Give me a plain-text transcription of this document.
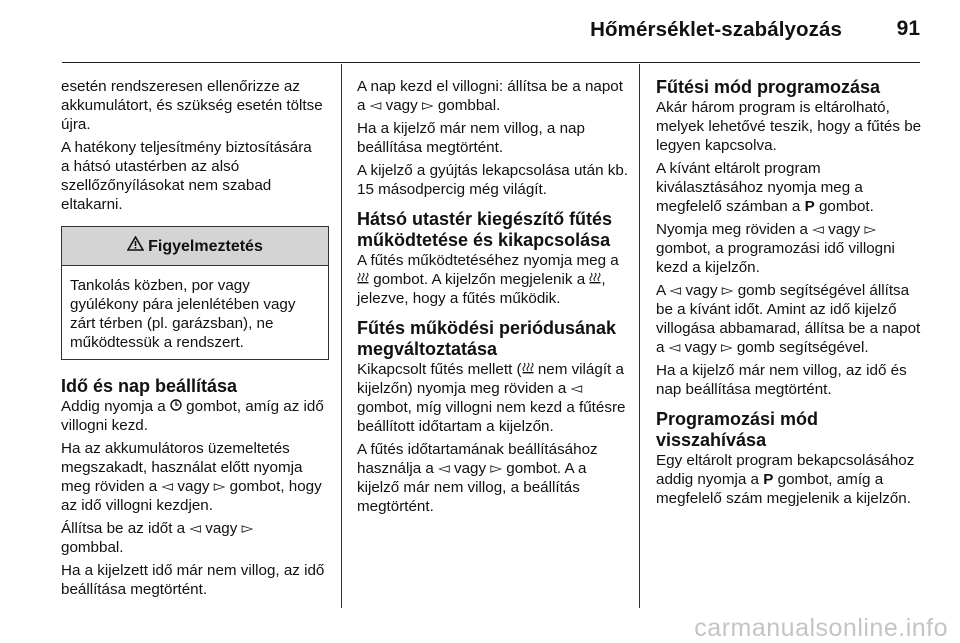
Hőmérséklet-szabályozás	91

esetén rendszeresen ellenőrizze az akkumulátort, és szükség esetén töltse újra.

A hatékony teljesítmény biztosítására
a hátsó utastérben az alsó szellőzőnyílásokat nem szabad eltakarni.

Figyelmeztetés

Tankolás közben, por vagy gyúlékony pára jelenlétében vagy zárt térben (pl. garázsban), ne működtessük a rendszert.

Idő és nap beállítása

Addig nyomja a gombot, amíg az idő villogni kezd.

Ha az akkumulátoros üzemeltetés megszakadt, használat előtt nyomja meg röviden a ◅ vagy ▻ gombot, hogy az idő villogni kezdjen.

Állítsa be az időt a ◅ vagy ▻
gombbal.

Ha a kijelzett idő már nem villog, az idő beállítása megtörtént.

A nap kezd el villogni: állítsa be a napot a ◅ vagy ▻ gombbal.

Ha a kijelző már nem villog, a nap beállítása megtörtént.

A kijelző a gyújtás lekapcsolása után kb. 15 másodpercig még világít.

Hátsó utastér kiegészítő fűtés működtetése és kikapcsolása

A fűtés működtetéséhez nyomja meg a  gombot. A kijelzőn megjelenik a , jelezve, hogy a fűtés működik.

Fűtés működési periódusának megváltoztatása

Kikapcsolt fűtés mellett ( nem világít a kijelzőn) nyomja meg röviden a ◅ gombot, míg villogni nem kezd a fűtésre beállított időtartam a kijelzőn.

A fűtés időtartamának beállításához használja a ◅ vagy ▻ gombot. A a kijelző már nem villog, a beállítás megtörtént.

Fűtési mód programozása

Akár három program is eltárolható, melyek lehetővé teszik, hogy a fűtés be legyen kapcsolva.

A kívánt eltárolt program kiválasztásához nyomja meg a megfelelő számban a P gombot.

Nyomja meg röviden a ◅ vagy ▻ gombot, a programozási idő villogni kezd a kijelzőn.

A ◅ vagy ▻ gomb segítségével állítsa be a kívánt időt. Amint az idő kijelző villogása abbamarad, állítsa be a napot a ◅ vagy ▻ gomb segítségével.

Ha a kijelző már nem villog, az idő és nap beállítása megtörtént.

Programozási mód visszahívása

Egy eltárolt program bekapcsolásához addig nyomja a P gombot, amíg a megfelelő szám megjelenik a kijelzőn.

carmanualsonline.info
